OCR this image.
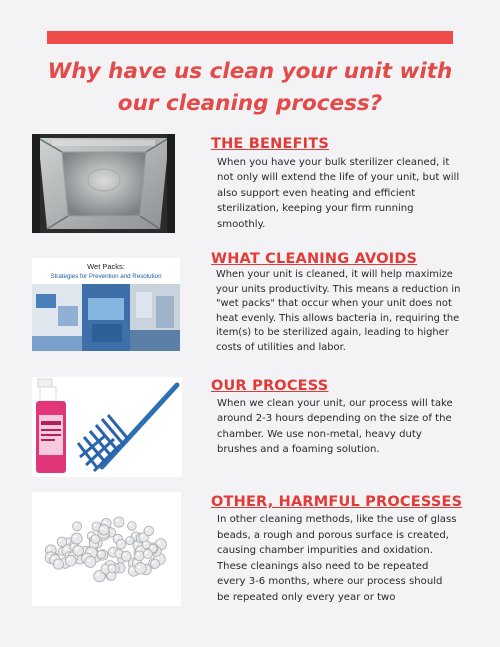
Why have us clean your unit with our cleaning process?
THE BENEFITS
When you have your bulk sterilizer cleaned, it not only will extend the life of your unit, but will also support even heating and efficient sterilization, keeping your firm running smoothly.
Wet Packs:
Strategies for Prevention and Resolution
WHAT CLEANING AVOIDS
When your unit is cleaned, it will help maximize your units productivity. This means a reduction in "wet packs" that occur when your unit does not heat evenly. This allows bacteria in, requiring the item(s) to be sterilized again, leading to higher costs of utilities and labor.
OUR PROCESS
When we clean your unit, our process will take around 2-3 hours depending on the size of the chamber. We use non-metal, heavy duty brushes and a foaming solution.
OTHER, HARMFUL PROCESSES
In other cleaning methods, like the use of glass beads, a rough and porous surface is created, causing chamber impurities and oxidation. These cleanings also need to be repeated every 3-6 months, where our process should be repeated only every year or two
